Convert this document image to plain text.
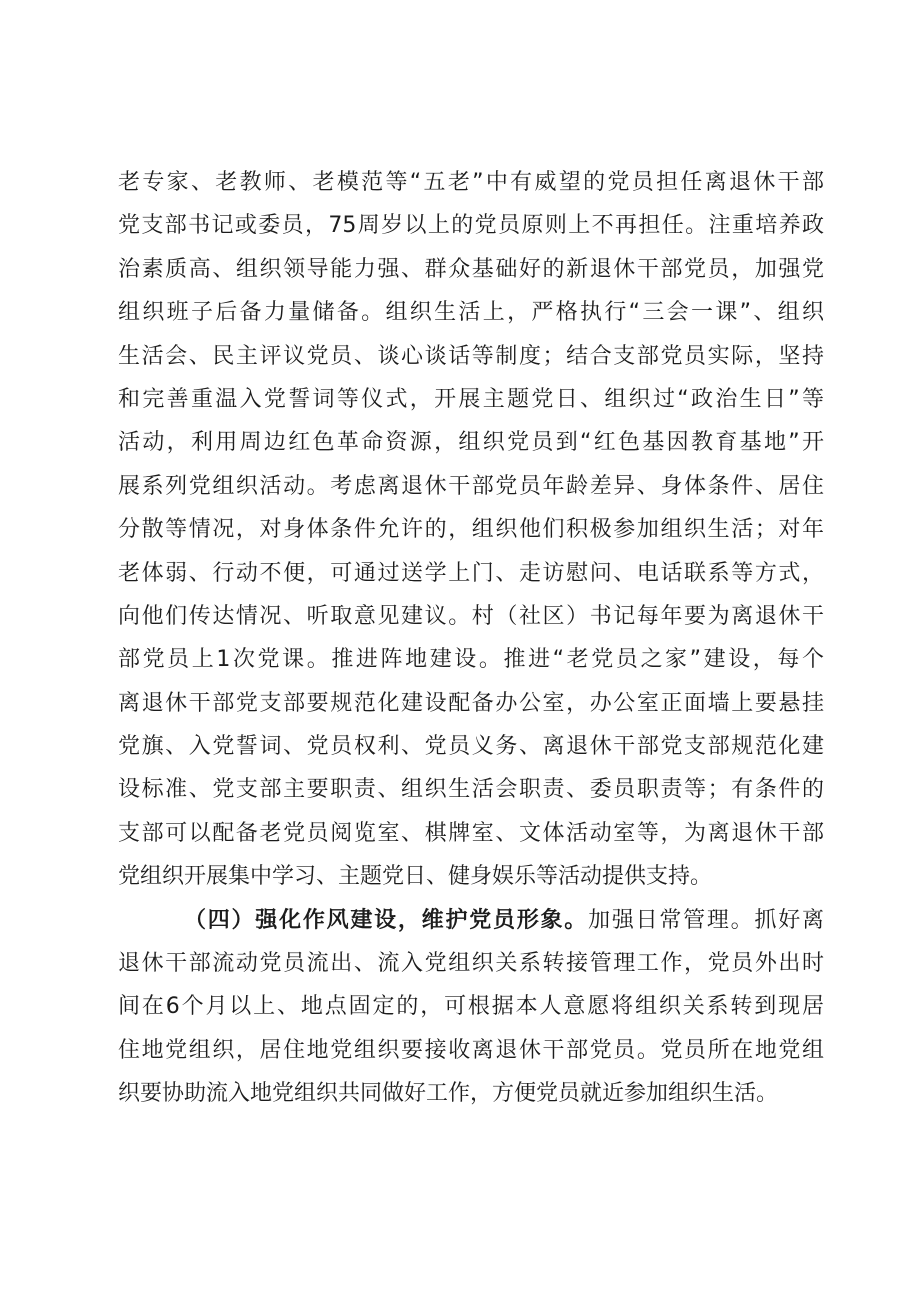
老专家、老教师、老模范等“五老”中有威望的党员担任离退休干部
党支部书记或委员，75周岁以上的党员原则上不再担任。注重培养政
治素质高、组织领导能力强、群众基础好的新退休干部党员，加强党
组织班子后备力量储备。组织生活上，严格执行“三会一课”、组织
生活会、民主评议党员、谈心谈话等制度；结合支部党员实际，坚持
和完善重温入党誓词等仪式，开展主题党日、组织过“政治生日”等
活动，利用周边红色革命资源，组织党员到“红色基因教育基地”开
展系列党组织活动。考虑离退休干部党员年龄差异、身体条件、居住
分散等情况，对身体条件允许的，组织他们积极参加组织生活；对年
老体弱、行动不便，可通过送学上门、走访慰问、电话联系等方式，
向他们传达情况、听取意见建议。村（社区）书记每年要为离退休干
部党员上1次党课。推进阵地建设。推进“老党员之家”建设，每个
离退休干部党支部要规范化建设配备办公室，办公室正面墙上要悬挂
党旗、入党誓词、党员权利、党员义务、离退休干部党支部规范化建
设标准、党支部主要职责、组织生活会职责、委员职责等；有条件的
支部可以配备老党员阅览室、棋牌室、文体活动室等，为离退休干部
党组织开展集中学习、主题党日、健身娱乐等活动提供支持。
（四）强化作风建设，维护党员形象。加强日常管理。抓好离
退休干部流动党员流出、流入党组织关系转接管理工作，党员外出时
间在6个月以上、地点固定的，可根据本人意愿将组织关系转到现居
住地党组织，居住地党组织要接收离退休干部党员。党员所在地党组
织要协助流入地党组织共同做好工作，方便党员就近参加组织生活。
